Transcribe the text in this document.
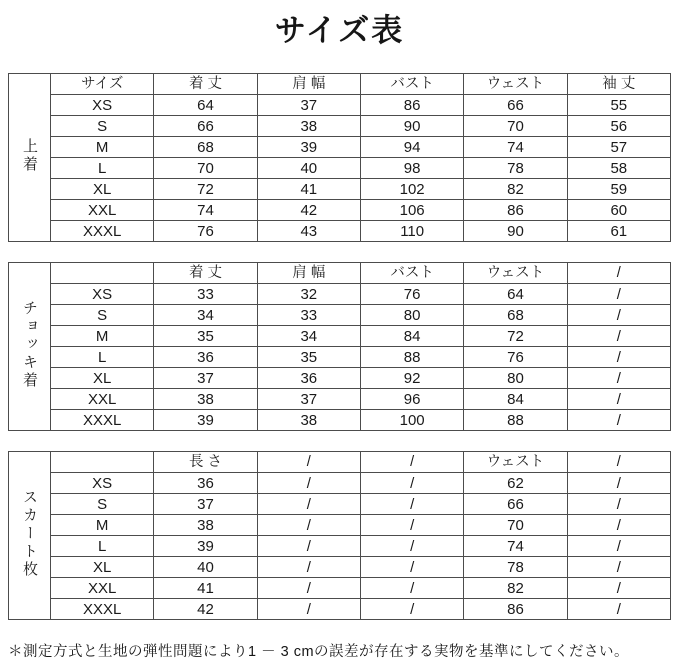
サイズ表
上着	サイズ	着 丈	肩 幅	バスト	ウェスト	袖 丈
	XS	64	37	86	66	55
	S	66	38	90	70	56
	M	68	39	94	74	57
	L	70	40	98	78	58
	XL	72	41	102	82	59
	XXL	74	42	106	86	60
	XXXL	76	43	110	90	61
チョッキ着		着 丈	肩 幅	バスト	ウェスト	/
	XS	33	32	76	64	/
	S	34	33	80	68	/
	M	35	34	84	72	/
	L	36	35	88	76	/
	XL	37	36	92	80	/
	XXL	38	37	96	84	/
	XXXL	39	38	100	88	/
スカート枚		長 さ	/	/	ウェスト	/
	XS	36	/	/	62	/
	S	37	/	/	66	/
	M	38	/	/	70	/
	L	39	/	/	74	/
	XL	40	/	/	78	/
	XXL	41	/	/	82	/
	XXXL	42	/	/	86	/
＊測定方式と生地の弾性問題により1 － 3 cmの誤差が存在する実物を基準にしてください。
